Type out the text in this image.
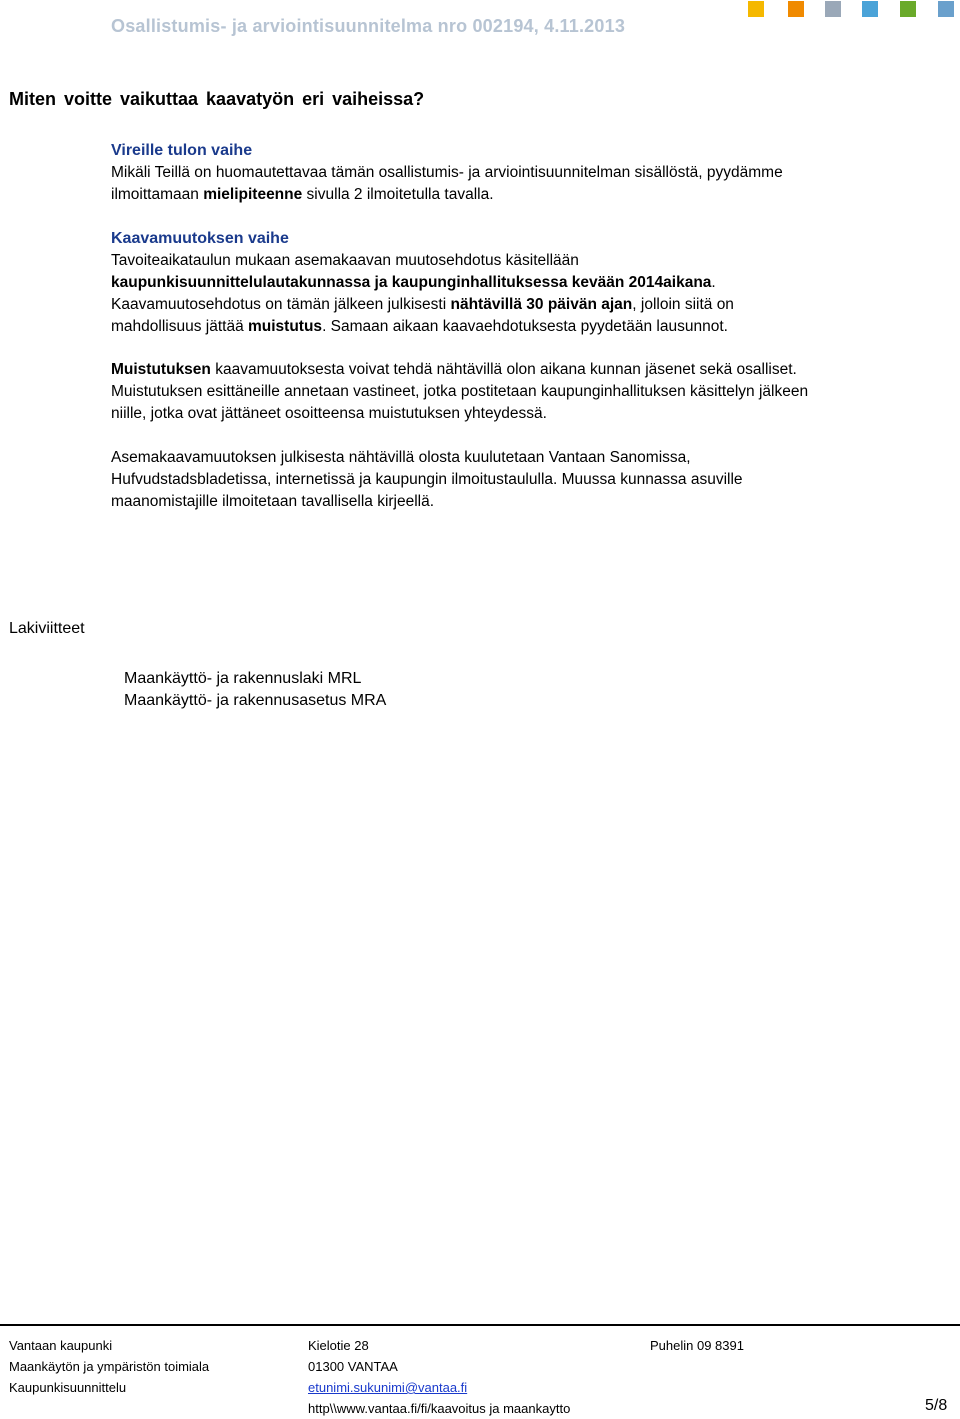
Osallistumis- ja arviointisuunnitelma nro 002194, 4.11.2013
Miten voitte vaikuttaa kaavatyön eri vaiheissa?
Vireille tulon vaihe
Mikäli Teillä on huomautettavaa tämän osallistumis- ja arviointisuunnitelman sisällöstä, pyydämme
ilmoittamaan mielipiteenne sivulla 2 ilmoitetulla tavalla.
Kaavamuutoksen vaihe
Tavoiteaikataulun mukaan asemakaavan muutosehdotus käsitellään
kaupunkisuunnittelulautakunnassa ja kaupunginhallituksessa kevään 2014aikana.
Kaavamuutosehdotus on tämän jälkeen julkisesti nähtävillä 30 päivän ajan, jolloin siitä on
mahdollisuus jättää muistutus. Samaan aikaan kaavaehdotuksesta pyydetään lausunnot.
Muistutuksen kaavamuutoksesta voivat tehdä nähtävillä olon aikana kunnan jäsenet sekä osalliset.
Muistutuksen esittäneille annetaan vastineet, jotka postitetaan kaupunginhallituksen käsittelyn jälkeen
niille, jotka ovat jättäneet osoitteensa muistutuksen yhteydessä.
Asemakaavamuutoksen julkisesta nähtävillä olosta kuulutetaan Vantaan Sanomissa,
Hufvudstadsbladetissa, internetissä ja kaupungin ilmoitustaululla. Muussa kunnassa asuville
maanomistajille ilmoitetaan tavallisella kirjeellä.
Lakiviitteet
Maankäyttö- ja rakennuslaki MRL
Maankäyttö- ja rakennusasetus MRA
Vantaan kaupunki
Maankäytön ja ympäristön toimiala
Kaupunkisuunnittelu
Kielotie 28
01300 VANTAA
etunimi.sukunimi@vantaa.fi
http\\www.vantaa.fi/fi/kaavoitus ja maankaytto
Puhelin 09 8391
5/8
